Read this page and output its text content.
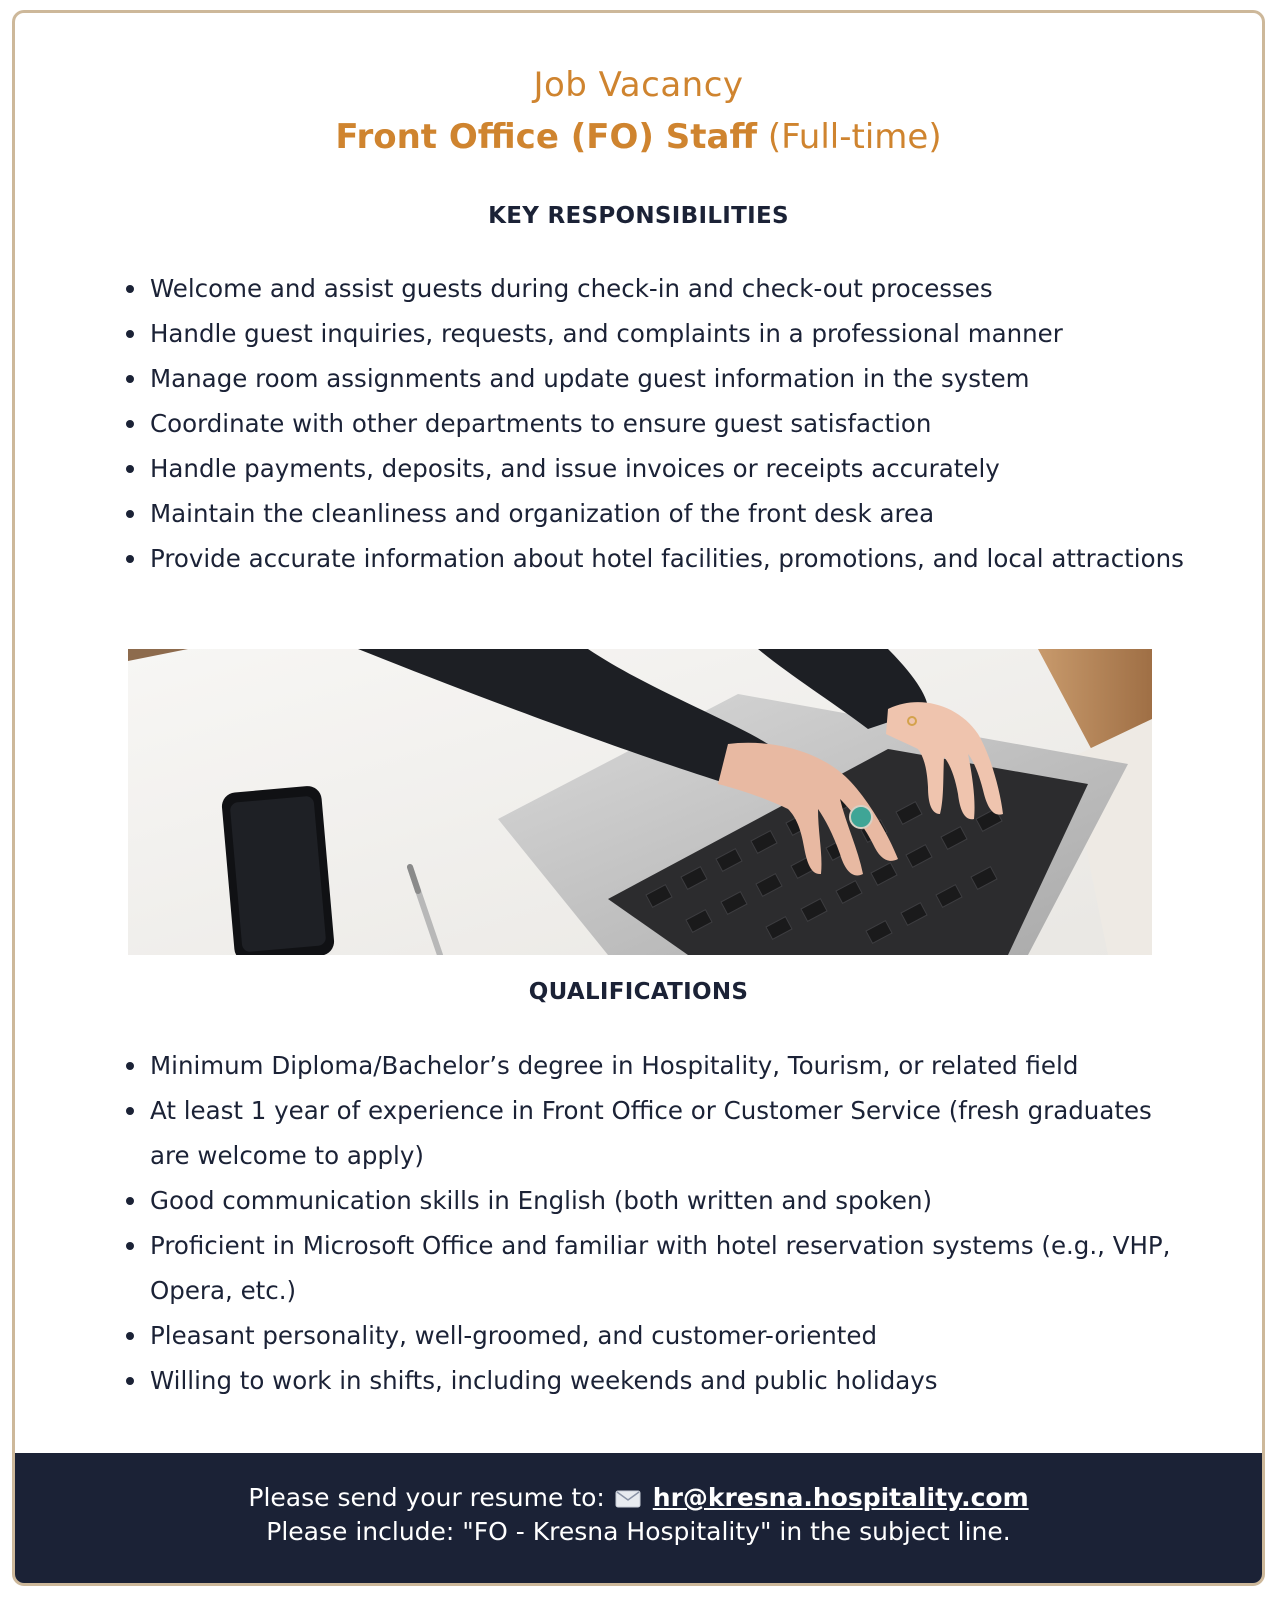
Job Vacancy
Front Office (FO) Staff (Full-time)
KEY RESPONSIBILITIES
Welcome and assist guests during check-in and check-out processes
Handle guest inquiries, requests, and complaints in a professional manner
Manage room assignments and update guest information in the system
Coordinate with other departments to ensure guest satisfaction
Handle payments, deposits, and issue invoices or receipts accurately
Maintain the cleanliness and organization of the front desk area
Provide accurate information about hotel facilities, promotions, and local attractions
QUALIFICATIONS
Minimum Diploma/Bachelor’s degree in Hospitality, Tourism, or related field
At least 1 year of experience in Front Office or Customer Service (fresh graduates are welcome to apply)
Good communication skills in English (both written and spoken)
Proficient in Microsoft Office and familiar with hotel reservation systems (e.g., VHP, Opera, etc.)
Pleasant personality, well-groomed, and customer-oriented
Willing to work in shifts, including weekends and public holidays
Please send your resume to: hr@kresna.hospitality.com
Please include: "FO - Kresna Hospitality" in the subject line.
